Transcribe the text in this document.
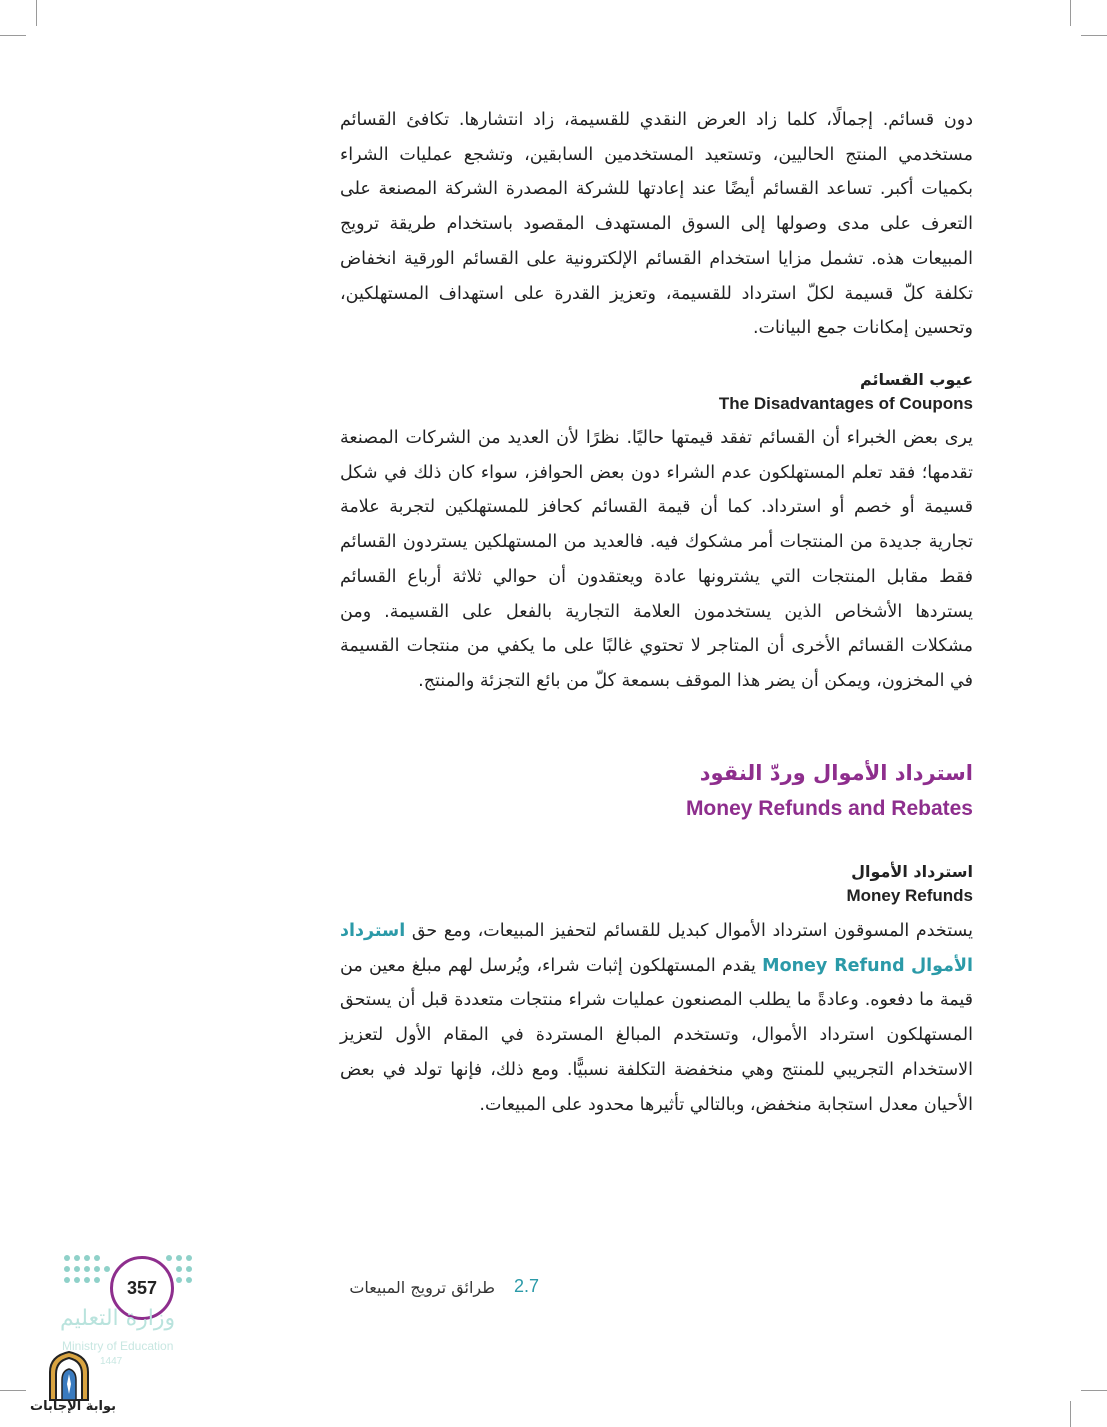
دون قسائم. إجمالًا، كلما زاد العرض النقدي للقسيمة، زاد انتشارها. تكافئ القسائم مستخدمي المنتج الحاليين، وتستعيد المستخدمين السابقين، وتشجع عمليات الشراء بكميات أكبر. تساعد القسائم أيضًا عند إعادتها للشركة المصدرة الشركة المصنعة على التعرف على مدى وصولها إلى السوق المستهدف المقصود باستخدام طريقة ترويج المبيعات هذه. تشمل مزايا استخدام القسائم الإلكترونية على القسائم الورقية انخفاض تكلفة كلّ قسيمة لكلّ استرداد للقسيمة، وتعزيز القدرة على استهداف المستهلكين، وتحسين إمكانات جمع البيانات.

عيوب القسائم
The Disadvantages of Coupons

يرى بعض الخبراء أن القسائم تفقد قيمتها حاليًا. نظرًا لأن العديد من الشركات المصنعة تقدمها؛ فقد تعلم المستهلكون عدم الشراء دون بعض الحوافز، سواء كان ذلك في شكل قسيمة أو خصم أو استرداد. كما أن قيمة القسائم كحافز للمستهلكين لتجربة علامة تجارية جديدة من المنتجات أمر مشكوك فيه. فالعديد من المستهلكين يستردون القسائم فقط مقابل المنتجات التي يشترونها عادة ويعتقدون أن حوالي ثلاثة أرباع القسائم يستردها الأشخاص الذين يستخدمون العلامة التجارية بالفعل على القسيمة. ومن مشكلات القسائم الأخرى أن المتاجر لا تحتوي غالبًا على ما يكفي من منتجات القسيمة في المخزون، ويمكن أن يضر هذا الموقف بسمعة كلّ من بائع التجزئة والمنتج.

استرداد الأموال وردّ النقود
Money Refunds and Rebates
استرداد الأموال
Money Refunds

يستخدم المسوقون استرداد الأموال كبديل للقسائم لتحفيز المبيعات، ومع حق استرداد الأموال Money Refund يقدم المستهلكون إثبات شراء، ويُرسل لهم مبلغ معين من قيمة ما دفعوه. وعادةً ما يطلب المصنعون عمليات شراء منتجات متعددة قبل أن يستحق المستهلكون استرداد الأموال، وتستخدم المبالغ المستردة في المقام الأول لتعزيز الاستخدام التجريبي للمنتج وهي منخفضة التكلفة نسبيًّا. ومع ذلك، فإنها تولد في بعض الأحيان معدل استجابة منخفض، وبالتالي تأثيرها محدود على المبيعات.

2.7
طرائق ترويج المبيعات
357
وزارة التعليم
Ministry of Education
1447
بوابة الإجابات
